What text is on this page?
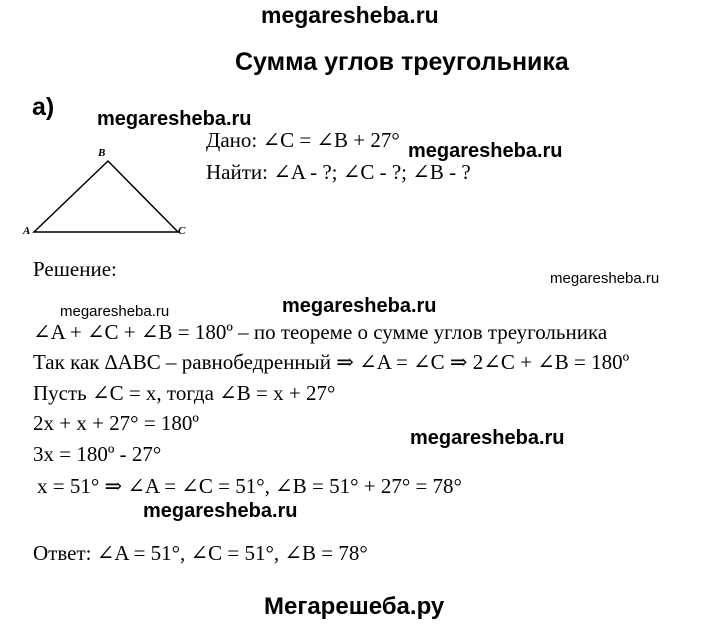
megaresheba.ru
Сумма углов треугольника
а) megaresheba.ru
A
B
C
Дано: ∠C = ∠B + 27° megaresheba.ru
Найти: ∠A - ?; ∠C - ?; ∠B - ?
Решение:	megaresheba.ru
megaresheba.ru	megaresheba.ru
∠A + ∠C + ∠B = 180º – по теореме о сумме углов треугольника
Так как ∆ABC – равнобедренный ⇒ ∠A = ∠C ⇒ 2∠C + ∠B = 180º
Пусть ∠C = x, тогда ∠B = x + 27°
2x + x + 27° = 180º
megaresheba.ru
3x = 180º - 27°
x = 51° ⇒ ∠A = ∠C = 51°, ∠B = 51° + 27° = 78°
megaresheba.ru
Ответ: ∠A = 51°, ∠C = 51°, ∠B = 78°
Мегарешеба.ру
